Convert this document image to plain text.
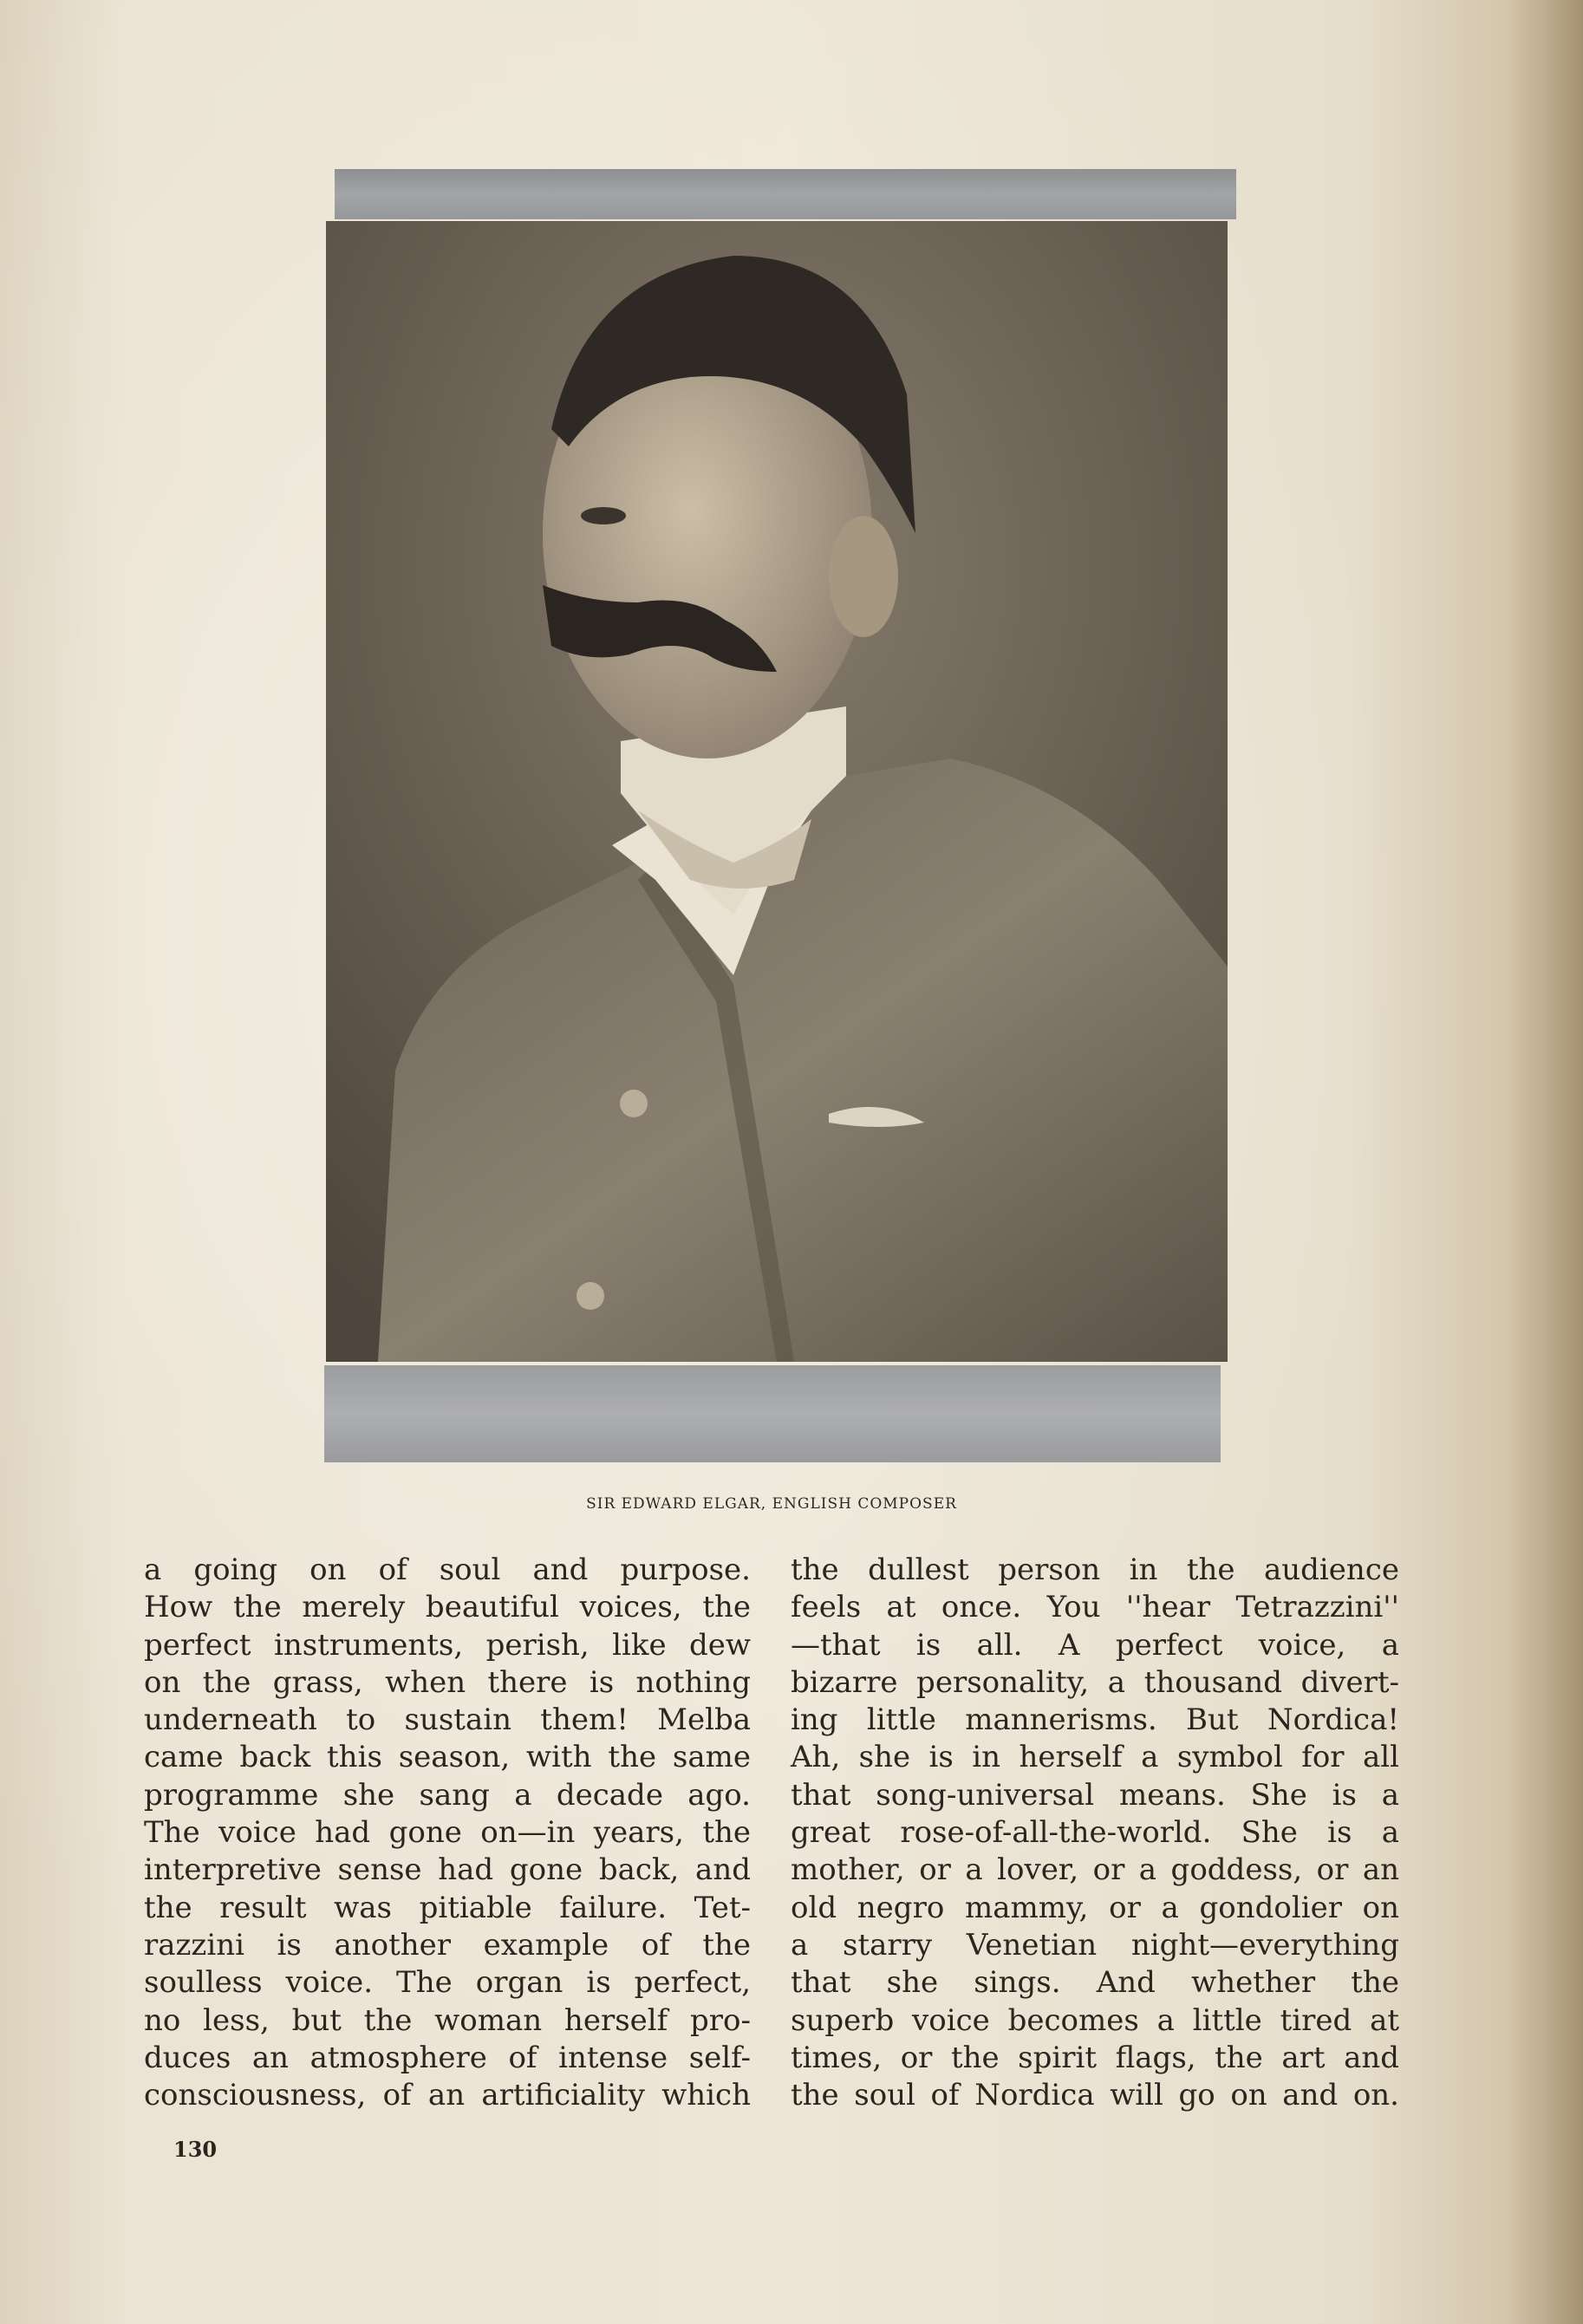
SIR EDWARD ELGAR, ENGLISH COMPOSER
a going on of soul and purpose.
How the merely beautiful voices, the
perfect instruments, perish, like dew
on the grass, when there is nothing
underneath to sustain them! Melba
came back this season, with the same
programme she sang a decade ago.
The voice had gone on—in years, the
interpretive sense had gone back, and
the result was pitiable failure. Tet-
razzini is another example of the
soulless voice. The organ is perfect,
no less, but the woman herself pro-
duces an atmosphere of intense self-
consciousness, of an artificiality which
the dullest person in the audience
feels at once. You ''hear Tetrazzini''
—that is all. A perfect voice, a
bizarre personality, a thousand divert-
ing little mannerisms. But Nordica!
Ah, she is in herself a symbol for all
that song-universal means. She is a
great rose-of-all-the-world. She is a
mother, or a lover, or a goddess, or an
old negro mammy, or a gondolier on
a starry Venetian night—everything
that she sings. And whether the
superb voice becomes a little tired at
times, or the spirit flags, the art and
the soul of Nordica will go on and on.
130
